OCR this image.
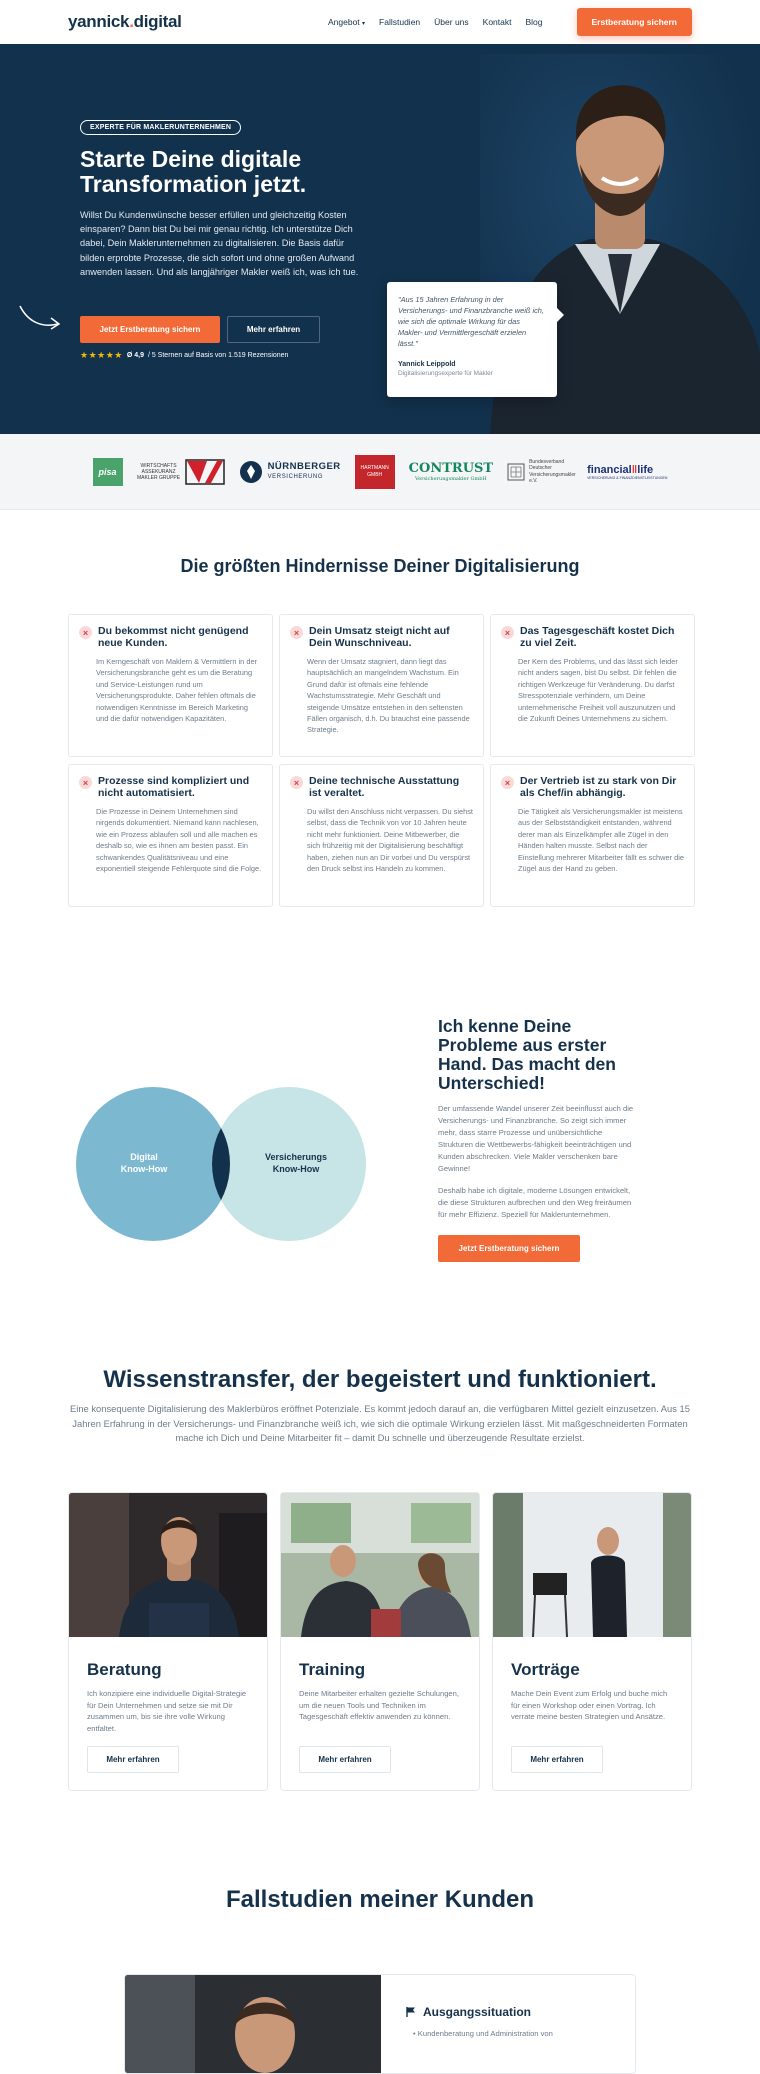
yannick.digital	Angebot ▾ Fallstudien Über uns Kontakt Blog	Erstberatung sichern
EXPERTE FÜR MAKLERUNTERNEHMEN
Starte Deine digitale Transformation jetzt.

Willst Du Kundenwünsche besser erfüllen und gleichzeitig Kosten einsparen? Dann bist Du bei mir genau richtig. Ich unterstütze Dich dabei, Dein Maklerunternehmen zu digitalisieren. Die Basis dafür bilden erprobte Prozesse, die sich sofort und ohne großen Aufwand anwenden lassen. Und als langjähriger Makler weiß ich, was ich tue.

Jetzt Erstberatung sichern	Mehr erfahren
★★★★★ Ø 4,9 / 5 Sternen auf Basis von 1.519 Rezensionen
"Aus 15 Jahren Erfahrung in der Versicherungs- und Finanzbranche weiß ich, wie sich die optimale Wirkung für das Makler- und Vermittlergeschäft erzielen lässt."
Yannick Leippold
Digitalisierungsexperte für Makler
pisa
WIRTSCHAFTS ASSEKURANZ MAKLER GRUPPE
NÜRNBERGER
VERSICHERUNG
HARTMANN GMBH	CONTRUST
Versicherungsmakler GmbH
Bundesverband Deutscher Versicherungsmakler e.V.
financialǁlife
VERSICHERUNG & FINANZDIENSTLEISTUNGEN
Die größten Hindernisse Deiner Digitalisierung
× Du bekommst nicht genügend neue Kunden.
Im Kerngeschäft von Maklern & Vermittlern in der Versicherungsbranche geht es um die Beratung und Service-Leistungen rund um Versicherungsprodukte. Daher fehlen oftmals die notwendigen Kenntnisse im Bereich Marketing und die dafür notwendigen Kapazitäten.
× Dein Umsatz steigt nicht auf Dein Wunschniveau.
Wenn der Umsatz stagniert, dann liegt das hauptsächlich an mangelndem Wachstum. Ein Grund dafür ist oftmals eine fehlende Wachstumsstrategie. Mehr Geschäft und steigende Umsätze entstehen in den seltensten Fällen organisch, d.h. Du brauchst eine passende Strategie.
× Das Tagesgeschäft kostet Dich zu viel Zeit.
Der Kern des Problems, und das lässt sich leider nicht anders sagen, bist Du selbst. Dir fehlen die richtigen Werkzeuge für Veränderung. Du darfst Stresspotenziale verhindern, um Deine unternehmerische Freiheit voll auszunutzen und die Zukunft Deines Unternehmens zu sichern.
× Prozesse sind kompliziert und nicht automatisiert.
Die Prozesse in Deinem Unternehmen sind nirgends dokumentiert. Niemand kann nachlesen, wie ein Prozess ablaufen soll und alle machen es deshalb so, wie es ihnen am besten passt. Ein schwankendes Qualitätsniveau und eine exponentiell steigende Fehlerquote sind die Folge.
× Deine technische Ausstattung ist veraltet.
Du willst den Anschluss nicht verpassen. Du siehst selbst, dass die Technik von vor 10 Jahren heute nicht mehr funktioniert. Deine Mitbewerber, die sich frühzeitig mit der Digitalisierung beschäftigt haben, ziehen nun an Dir vorbei und Du verspürst den Druck selbst ins Handeln zu kommen.
× Der Vertrieb ist zu stark von Dir als Chef/in abhängig.
Die Tätigkeit als Versicherungsmakler ist meistens aus der Selbstständigkeit entstanden, während derer man als Einzelkämpfer alle Zügel in den Händen halten musste. Selbst nach der Einstellung mehrerer Mitarbeiter fällt es schwer die Zügel aus der Hand zu geben.
Digital
Know-How
Versicherungs
Know-How
Ich kenne Deine Probleme aus erster Hand. Das macht den Unterschied!

Der umfassende Wandel unserer Zeit beeinflusst auch die Versicherungs- und Finanzbranche. So zeigt sich immer mehr, dass starre Prozesse und unübersichtliche Strukturen die Wettbewerbs-fähigkeit beeinträchtigen und Kunden abschrecken. Viele Makler verschenken bare Gewinne!

Deshalb habe ich digitale, moderne Lösungen entwickelt, die diese Strukturen aufbrechen und den Weg freiräumen für mehr Effizienz. Speziell für Maklerunternehmen.

Jetzt Erstberatung sichern
Wissenstransfer, der begeistert und funktioniert.
Eine konsequente Digitalisierung des Maklerbüros eröffnet Potenziale. Es kommt jedoch darauf an, die verfügbaren Mittel gezielt einzusetzen. Aus 15 Jahren Erfahrung in der Versicherungs- und Finanzbranche weiß ich, wie sich die optimale Wirkung erzielen lässt. Mit maßgeschneiderten Formaten mache ich Dich und Deine Mitarbeiter fit – damit Du schnelle und überzeugende Resultate erzielst.
Beratung
Ich konzipiere eine individuelle Digital-Strategie für Dein Unternehmen und setze sie mit Dir zusammen um, bis sie ihre volle Wirkung entfaltet.
Mehr erfahren
Training
Deine Mitarbeiter erhalten gezielte Schulungen, um die neuen Tools und Techniken im Tagesgeschäft effektiv anwenden zu können.
Mehr erfahren
Vorträge
Mache Dein Event zum Erfolg und buche mich für einen Workshop oder einen Vortrag. Ich verrate meine besten Strategien und Ansätze.
Mehr erfahren
Fallstudien meiner Kunden
Ausgangssituation
• Kundenberatung und Administration von
